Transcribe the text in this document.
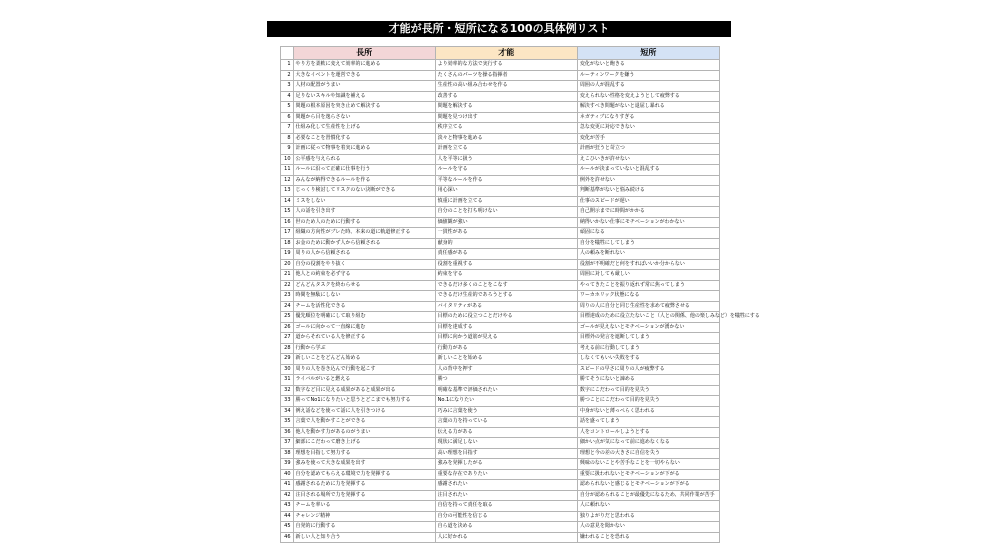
才能が長所・短所になる100の具体例リスト
	長所	才能	短所
1	やり方を柔軟に変えて効率的に進める	より効率的な方法で実行する	変化がないと飽きる
2	大きなイベントを運営できる	たくさんのパーツを操る指揮者	ルーティンワークを嫌う
3	人材の配置がうまい	生産性の高い組み合わせを作る	周囲の人が混乱する
4	足りないスキルや知識を補える	改善する	変えられない性格を変えようとして疲弊する
5	問題の根本原因を突き止めて解決する	問題を解決する	解決すべき問題がないと退屈し暴れる
6	問題から目を逸らさない	問題を見つけ出す	ネガティブになりすぎる
7	仕組み化して生産性を上げる	秩序立てる	急な変更に対応できない
8	必要なことを習慣化する	淡々と物事を進める	変化が苦手
9	計画に従って物事を着実に進める	計画を立てる	計画が狂うと苛立つ
10	公平感を与えられる	人を平等に扱う	えこひいきが許せない
11	ルールに沿って正確に仕事を行う	ルールを守る	ルールが決まっていないと混乱する
12	みんなが納得できるルールを作る	平等なルールを作る	例外を許せない
13	じっくり検討してリスクのない決断ができる	用心深い	判断基準がないと悩み続ける
14	ミスをしない	慎重に計画を立てる	仕事のスピードが遅い
15	人の話を引き出す	自分のことを打ち明けない	自己開示までに時間がかかる
16	世のため人のために行動する	価値観が強い	納得いかない仕事にモチベーションがわかない
17	組織の方向性がブレた時、本来の道に軌道修正する	一貫性がある	頑固になる
18	お金のために動かず人から信頼される	献身的	自分を犠牲にしてしまう
19	周りの人から信頼される	責任感がある	人の頼みを断れない
20	自分の役割をやり抜く	役割を重視する	役割が不明確だと何をすればいいか分からない
21	他人との約束を必ず守る	約束を守る	周囲に対しても厳しい
22	どんどんタスクを終わらせる	できるだけ多くのことをこなす	やってきたことを振り返れず常に焦ってしまう
23	時間を無駄にしない	できるだけ生産的であろうとする	ワーカホリック状態になる
24	チームを活性化できる	バイタリティがある	周りの人に自分と同じ生産性を求めて疲弊させる
25	優先順位を明確にして取り組む	目標のために役立つことだけやる	目標達成のために役立たないこと（人との関係、他の楽しみなど）を犠牲にする
26	ゴールに向かって一直線に進む	目標を達成する	ゴールが見えないとモチベーションが湧かない
27	道からそれている人を修正する	目標に向かう道筋が見える	目標外の発言を遮断してしまう
28	行動から学ぶ	行動力がある	考える前に行動してしまう
29	新しいことをどんどん始める	新しいことを始める	しなくてもいい失敗をする
30	周りの人を巻き込んで行動を起こす	人の背中を押す	スピードの早さに周りの人が疲弊する
31	ライバルがいると燃える	勝つ	勝てそうにないと諦める
32	数字など目に見える成果があると成果が出る	明確な基準で評価されたい	数字にこだわって目的を見失う
33	勝ってNo1になりたいと思うとどこまでも努力する	No.1になりたい	勝つことにこだわって目的を見失う
34	例え話などを使って話に人を引きつける	巧みに言葉を使う	中身がないと薄っぺらく思われる
35	言葉で人を動かすことができる	言葉の力を持っている	話を盛ってしまう
36	他人を動かす力があるのがうまい	伝える力がある	人をコントロールしようとする
37	細部にこだわって磨き上げる	現状に満足しない	細かい点が気になって前に進めなくなる
38	理想を目指して努力する	高い理想を目指す	理想と今の差の大きさに自信を失う
39	強みを使って大きな成果を出す	強みを発揮したがる	興味のないことや苦手なことを一切やらない
40	自分を認めてもらえる環境で力を発揮する	重要な存在でありたい	重要に扱われないとモチベーションが下がる
41	感謝されるために力を発揮する	感謝されたい	認められないと感じるとモチベーションが下がる
42	注目される場所で力を発揮する	注目されたい	自分が認められることが最優先になるため、共同作業が苦手
43	チームを率いる	自信を持って責任を取る	人に頼れない
44	チャレンジ精神	自分の可能性を信じる	独りよがりだと思われる
45	自発的に行動する	自ら道を決める	人の意見を聞かない
46	新しい人と知り合う	人に好かれる	嫌われることを恐れる
